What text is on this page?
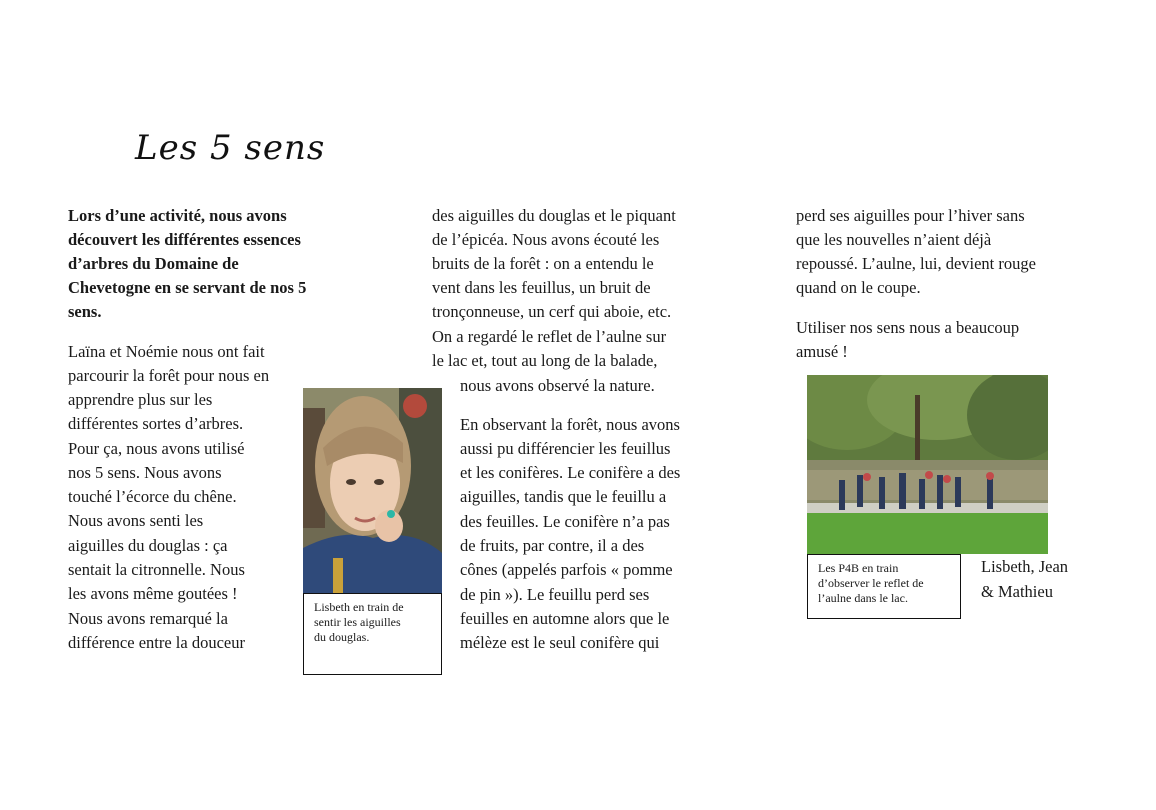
Les 5 sens
Lors d’une activité, nous avons
découvert les différentes essences
d’arbres du Domaine de
Chevetogne en se servant de nos 5
sens.
Laïna et Noémie nous ont fait
parcourir la forêt pour nous en
apprendre plus sur les
différentes sortes d’arbres.
Pour ça, nous avons utilisé
nos 5 sens. Nous avons
touché l’écorce du chêne.
Nous avons senti les
aiguilles du douglas : ça
sentait la citronnelle. Nous
les avons même goutées !
Nous avons remarqué la
différence entre la douceur
Lisbeth en train de
sentir les aiguilles
du douglas.
des aiguilles du douglas et le piquant
de l’épicéa. Nous avons écouté les
bruits de la forêt : on a entendu le
vent dans les feuillus, un bruit de
tronçonneuse, un cerf qui aboie, etc.
On a regardé le reflet de l’aulne sur
le lac et, tout au long de la balade,
nous avons observé la nature.
En observant la forêt, nous avons
aussi pu différencier les feuillus
et les conifères. Le conifère a des
aiguilles, tandis que le feuillu a
des feuilles. Le conifère n’a pas
de fruits, par contre, il a des
cônes (appelés parfois « pomme
de pin »). Le feuillu perd ses
feuilles en automne alors que le
mélèze est le seul conifère qui
perd ses aiguilles pour l’hiver sans
que les nouvelles n’aient déjà
repoussé. L’aulne, lui, devient rouge
quand on le coupe.
Utiliser nos sens nous a beaucoup
amusé !
Lisbeth, Jean
& Mathieu
Les P4B en train
d’observer le reflet de
l’aulne dans le lac.
